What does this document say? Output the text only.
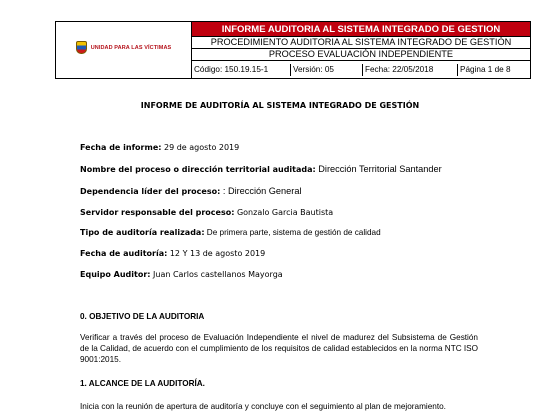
UNIDAD PARA LAS VÍCTIMAS
	INFORME AUDITORIA AL SISTEMA INTEGRADO DE GESTION

PROCEDIMIENTO AUDITORIA AL SISTEMA INTEGRADO DE GESTIÓN
PROCESO EVALUACIÓN INDEPENDIENTE

Código: 150.19.15-1	Versión: 05	Fecha: 22/05/2018	Página 1 de 8
INFORME DE AUDITORÍA AL SISTEMA INTEGRADO DE GESTIÓN
Fecha de informe: 29 de agosto 2019
Nombre del proceso o dirección territorial auditada: Dirección Territorial Santander
Dependencia líder del proceso: : Dirección General
Servidor responsable del proceso: Gonzalo Garcia Bautista
Tipo de auditoría realizada: De primera parte, sistema de gestión de calidad
Fecha de auditoría: 12 Y 13 de agosto 2019
Equipo Auditor: Juan Carlos castellanos Mayorga
0. OBJETIVO DE LA AUDITORIA
Verificar a través del proceso de Evaluación Independiente el nivel de madurez del Subsistema de Gestión de la Calidad, de acuerdo con el cumplimiento de los requisitos de calidad establecidos en la norma NTC ISO 9001:2015.
1. ALCANCE DE LA AUDITORÍA.
Inicia con la reunión de apertura de auditoría y concluye con el seguimiento al plan de mejoramiento.
